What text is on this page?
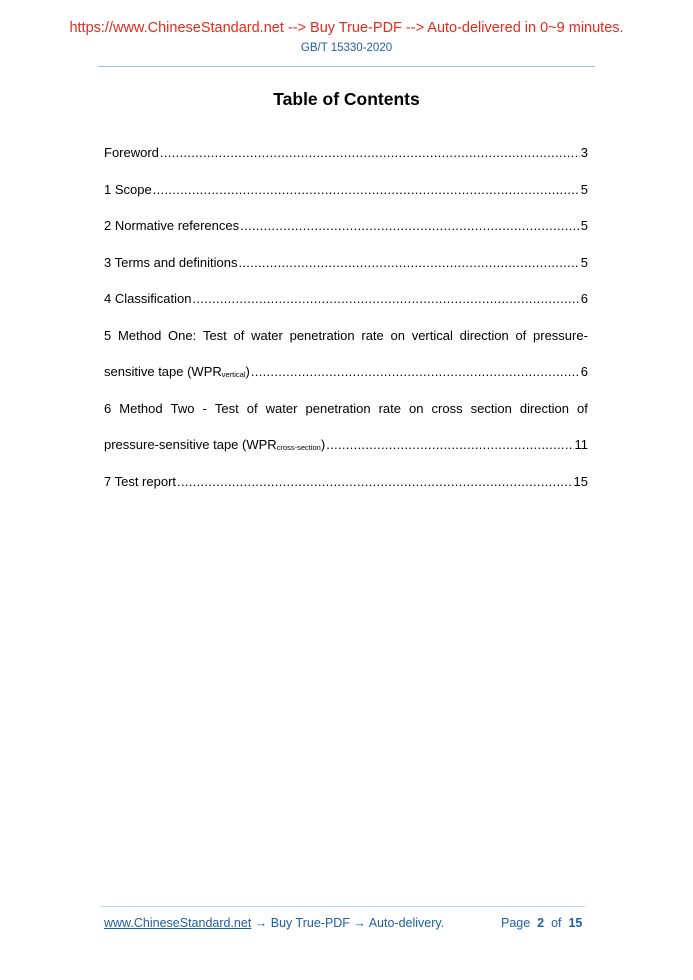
https://www.ChineseStandard.net --> Buy True-PDF --> Auto-delivered in 0~9 minutes.
GB/T 15330-2020
Table of Contents
Foreword .....	3
1 Scope .....	5
2 Normative references .....	5
3 Terms and definitions .....	5
4 Classification .....	6
5 Method One: Test of water penetration rate on vertical direction of pressure-
sensitive tape $(WPR_{vertical})$ .....	6
6 Method Two - Test of water penetration rate on cross section direction of
pressure-sensitive tape $(WPR_{cross-section})$ .....	11
7 Test report .....	15
www.ChineseStandard.net → Buy True-PDF → Auto-delivery.	Page 2 of 15
